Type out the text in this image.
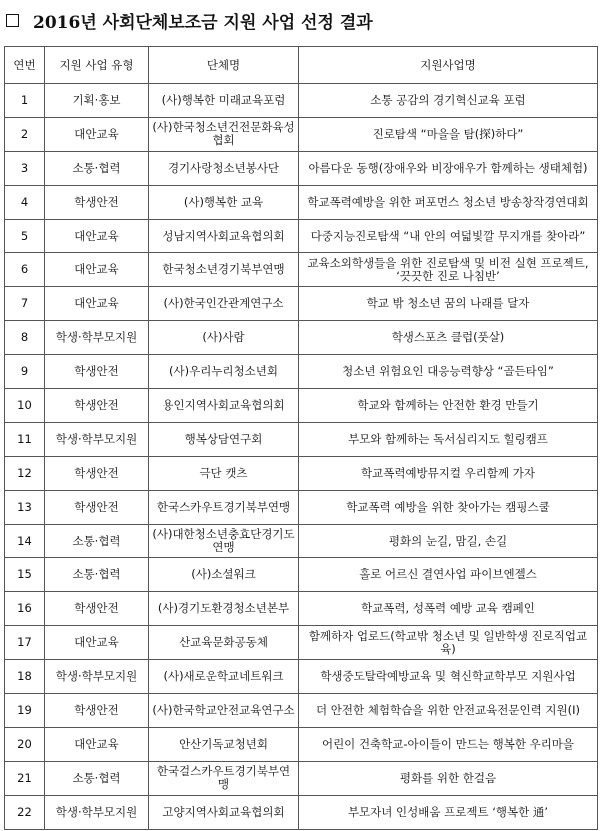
2016년 사회단체보조금 지원 사업 선정 결과
연번	지원 사업 유형	단체명	지원사업명
1	기획·홍보	(사)행복한 미래교육포럼	소통 공감의 경기혁신교육 포럼
2	대안교육	(사)한국청소년건전문화육성협회	진로탐색 “마을을 탐(探)하다”
3	소통·협력	경기사랑청소년봉사단	아름다운 동행(장애우와 비장애우가 함께하는 생태체험)
4	학생안전	(사)행복한 교육	학교폭력예방을 위한 퍼포먼스 청소년 방송창작경연대회
5	대안교육	성남지역사회교육협의회	다중지능진로탐색 “내 안의 여덟빛깔 무지개를 찾아라”
6	대안교육	한국청소년경기북부연맹	교육소외학생들을 위한 진로탐색 및 비전 실현 프로젝트, ‘끗끗한 진로 나침반’
7	대안교육	(사)한국인간관계연구소	학교 밖 청소년 꿈의 나래를 달자
8	학생·학부모지원	(사)사람	학생스포츠 클럽(풋살)
9	학생안전	(사)우리누리청소년회	청소년 위험요인 대응능력향상 “골든타임”
10	학생안전	용인지역사회교육협의회	학교와 함께하는 안전한 환경 만들기
11	학생·학부모지원	행복상담연구회	부모와 함께하는 독서심리지도 힐링캠프
12	학생안전	극단 캣츠	학교폭력예방뮤지컬 우리함께 가자
13	학생안전	한국스카우트경기북부연맹	학교폭력 예방을 위한 찾아가는 캠핑스쿨
14	소통·협력	(사)대한청소년충효단경기도연맹	평화의 눈길, 맘길, 손길
15	소통·협력	(사)소셜워크	홀로 어르신 결연사업 파이브엔젤스
16	학생안전	(사)경기도환경청소년본부	학교폭력, 성폭력 예방 교육 캠페인
17	대안교육	산교육문화공동체	함께하자 업로드(학교밖 청소년 및 일반학생 진로직업교육)
18	학생·학부모지원	(사)새로운학교네트워크	학생중도탈락예방교육 및 혁신학교학부모 지원사업
19	학생안전	(사)한국학교안전교육연구소	더 안전한 체험학습을 위한 안전교육전문인력 지원(Ⅰ)
20	대안교육	안산기독교청년회	어린이 건축학교-아이들이 만드는 행복한 우리마을
21	소통·협력	한국걸스카우트경기북부연맹	평화를 위한 한걸음
22	학생·학부모지원	고양지역사회교육협의회	부모자녀 인성배움 프로젝트 ‘행복한 通’
